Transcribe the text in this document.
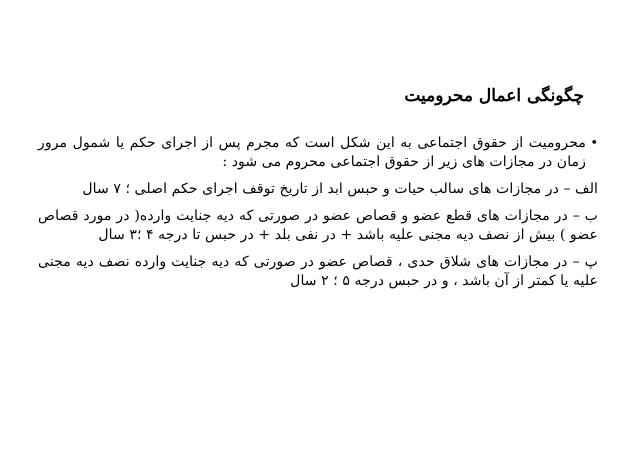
چگونگی اعمال محرومیت
•
محرومیت از حقوق اجتماعی به این شکل است که مجرم پس از اجرای حکم یا شمول مرور زمان در مجازات های زیر از حقوق اجتماعی محروم می شود :
الف – در مجازات های سالب حیات و حبس ابد از تاریخ توقف اجرای حکم اصلی ؛ ۷ سال
ب – در مجازات های قطع عضو و قصاص عضو در صورتی که دیه جنایت وارده( در مورد قصاص عضو ) بیش از نصف دیه مجنی علیه باشد + در نفی بلد + در حبس تا درجه ۴ ؛۳ سال
پ – در مجازات های شلاق حدی ، قصاص عضو در صورتی که دیه جنایت وارده نصف دیه مجنی علیه یا کمتر از آن باشد ، و در حبس درجه ۵ ؛ ۲ سال
